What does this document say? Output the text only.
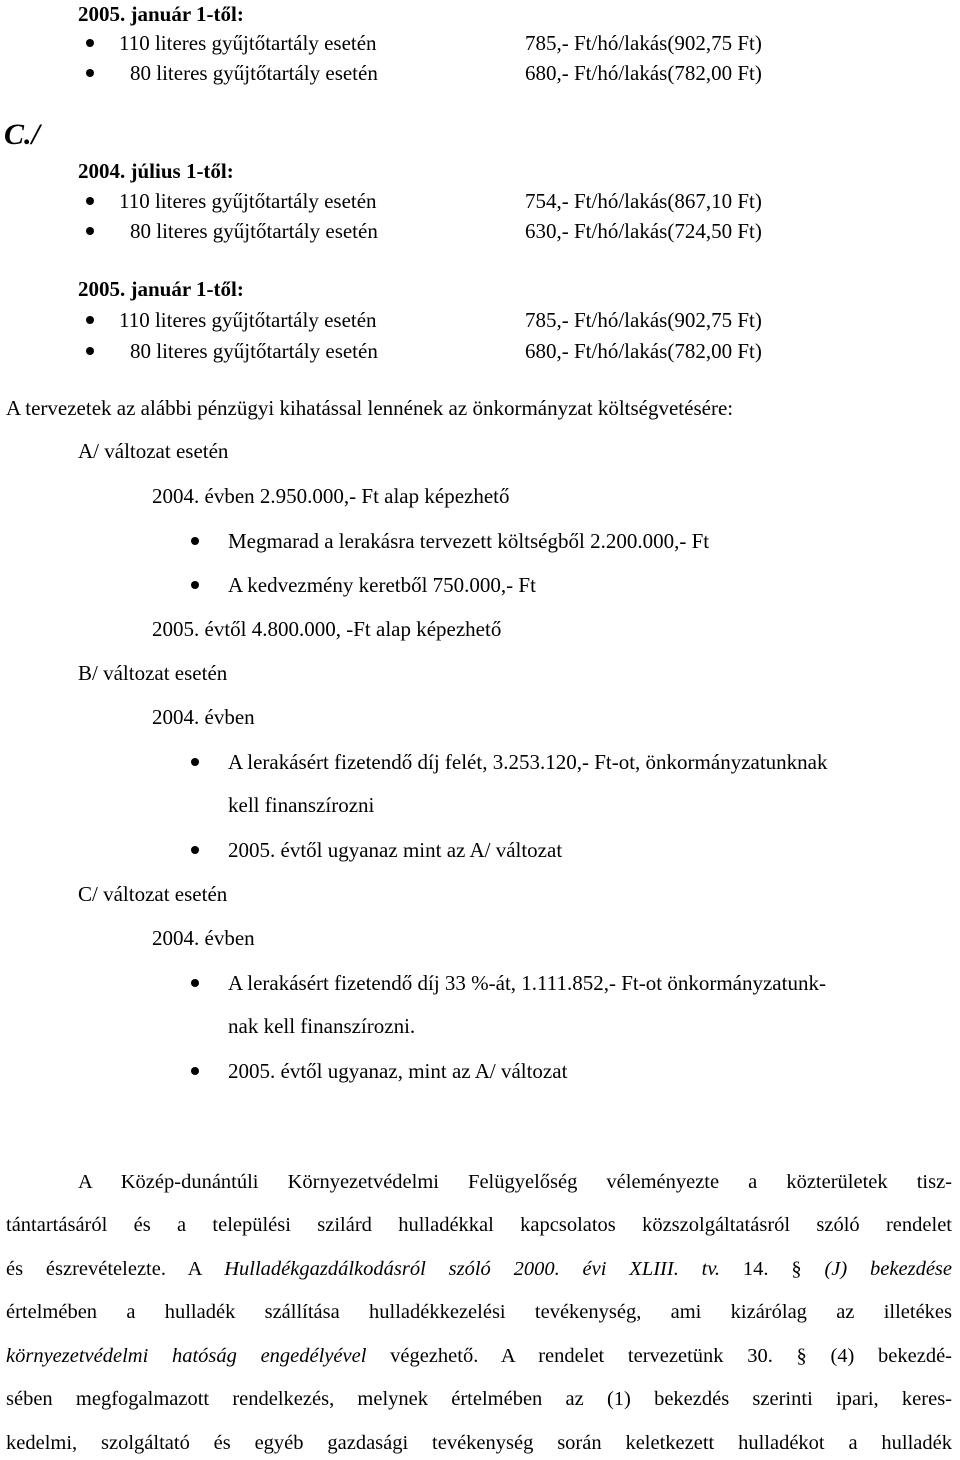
2005. január 1-től:
110 literes gyűjtőtartály esetén	785,- Ft/hó/lakás(902,75 Ft)
80 literes gyűjtőtartály esetén	680,- Ft/hó/lakás(782,00 Ft)
C./
2004. július 1-től:
110 literes gyűjtőtartály esetén	754,- Ft/hó/lakás(867,10 Ft)
80 literes gyűjtőtartály esetén	630,- Ft/hó/lakás(724,50 Ft)
2005. január 1-től:
110 literes gyűjtőtartály esetén	785,- Ft/hó/lakás(902,75 Ft)
80 literes gyűjtőtartály esetén	680,- Ft/hó/lakás(782,00 Ft)
A tervezetek az alábbi pénzügyi kihatással lennének az önkormányzat költségvetésére:
A/ változat esetén
2004. évben 2.950.000,- Ft alap képezhető
Megmarad a lerakásra tervezett költségből 2.200.000,- Ft
A kedvezmény keretből 750.000,- Ft
2005. évtől 4.800.000, -Ft alap képezhető
B/ változat esetén
2004. évben
A lerakásért fizetendő díj felét, 3.253.120,- Ft-ot, önkormányzatunknak
kell finanszírozni
2005. évtől ugyanaz mint az A/ változat
C/ változat esetén
2004. évben
A lerakásért fizetendő díj 33 %-át, 1.111.852,- Ft-ot önkormányzatunk-
nak kell finanszírozni.
2005. évtől ugyanaz, mint az A/ változat
A Közép-dunántúli Környezetvédelmi Felügyelőség véleményezte a közterületek tisz-
tántartásáról és a települési szilárd hulladékkal kapcsolatos közszolgáltatásról szóló rendelet
és észrevételezte. A Hulladékgazdálkodásról szóló 2000. évi XLIII. tv. 14. § (J) bekezdése
értelmében a hulladék szállítása hulladékkezelési tevékenység, ami kizárólag az illetékes
környezetvédelmi hatóság engedélyével végezhető. A rendelet tervezetünk 30. § (4) bekezdé-
sében megfogalmazott rendelkezés, melynek értelmében az (1) bekezdés szerinti ipari, keres-
kedelmi, szolgáltató és egyéb gazdasági tevékenység során keletkezett hulladékot a hulladék
